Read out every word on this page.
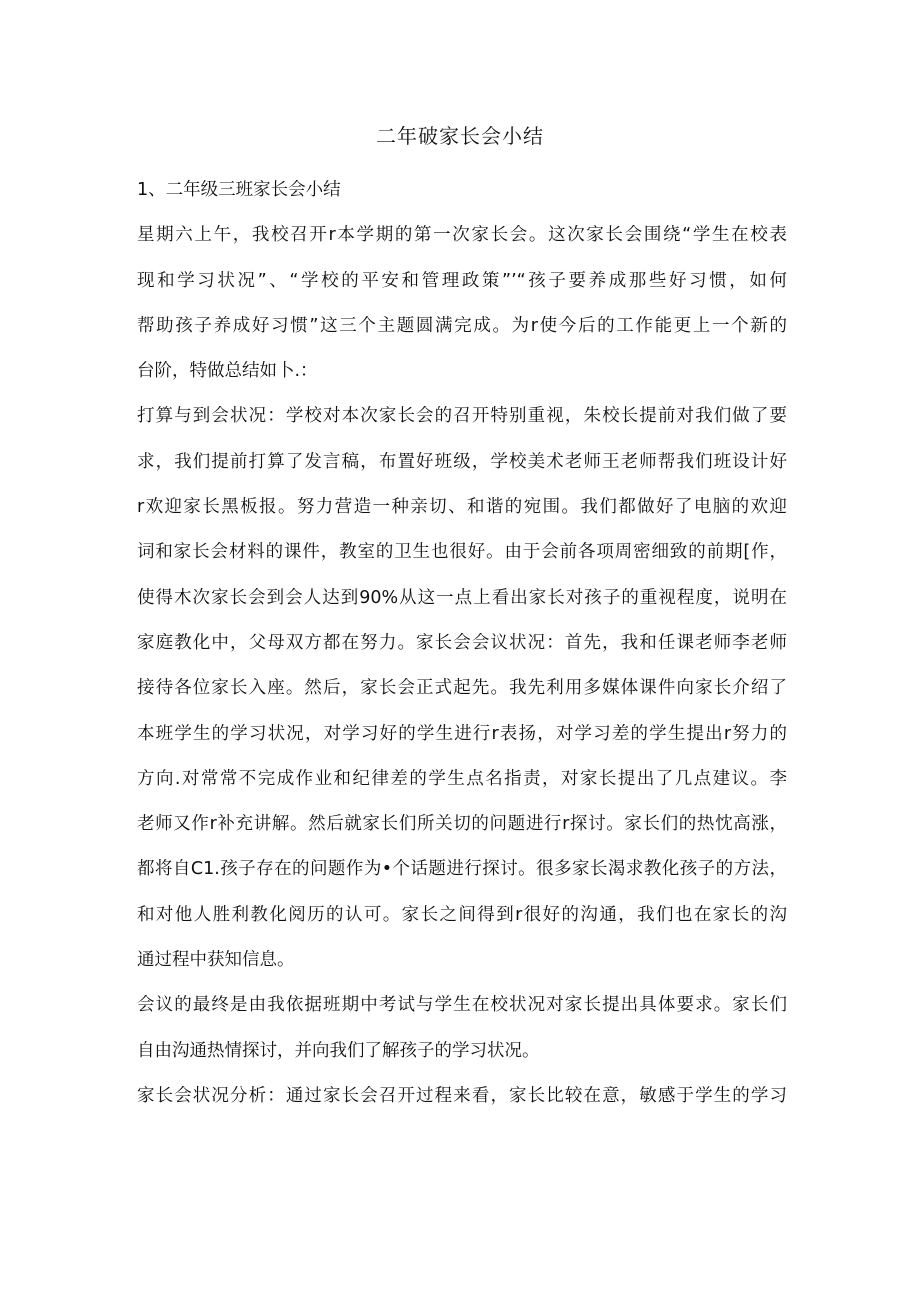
二年破家长会小结
1、二年级三班家长会小结
星期六上午，我校召开r本学期的第一次家长会。这次家长会围绕“学生在校表
现和学习状况”、“学校的平安和管理政策”’“孩子要养成那些好习惯，如何
帮助孩子养成好习惯”这三个主题圆满完成。为r使今后的工作能更上一个新的
台阶，特做总结如卜.：
打算与到会状况：学校对本次家长会的召开特别重视，朱校长提前对我们做了要
求，我们提前打算了发言稿，布置好班级，学校美术老师王老师帮我们班设计好
r欢迎家长黑板报。努力营造一种亲切、和谐的宛围。我们都做好了电脑的欢迎
词和家长会材料的课件，教室的卫生也很好。由于会前各项周密细致的前期[作，
使得木次家长会到会人达到90%从这一点上看出家长对孩子的重视程度，说明在
家庭教化中，父母双方都在努力。家长会会议状况：首先，我和任课老师李老师
接待各位家长入座。然后，家长会正式起先。我先利用多媒体课件向家长介绍了
本班学生的学习状况，对学习好的学生进行r表扬，对学习差的学生提出r努力的
方向.对常常不完成作业和纪律差的学生点名指责，对家长提出了几点建议。李
老师又作r补充讲解。然后就家长们所关切的问题进行r探讨。家长们的热忱高涨，
都将自C1.孩子存在的问题作为•个话题进行探讨。很多家长渴求教化孩子的方法，
和对他人胜利教化阅历的认可。家长之间得到r很好的沟通，我们也在家长的沟
通过程中获知信息。
会议的最终是由我依据班期中考试与学生在校状况对家长提出具体要求。家长们
自由沟通热情探讨，并向我们了解孩子的学习状况。
家长会状况分析：通过家长会召开过程来看，家长比较在意，敏感于学生的学习
